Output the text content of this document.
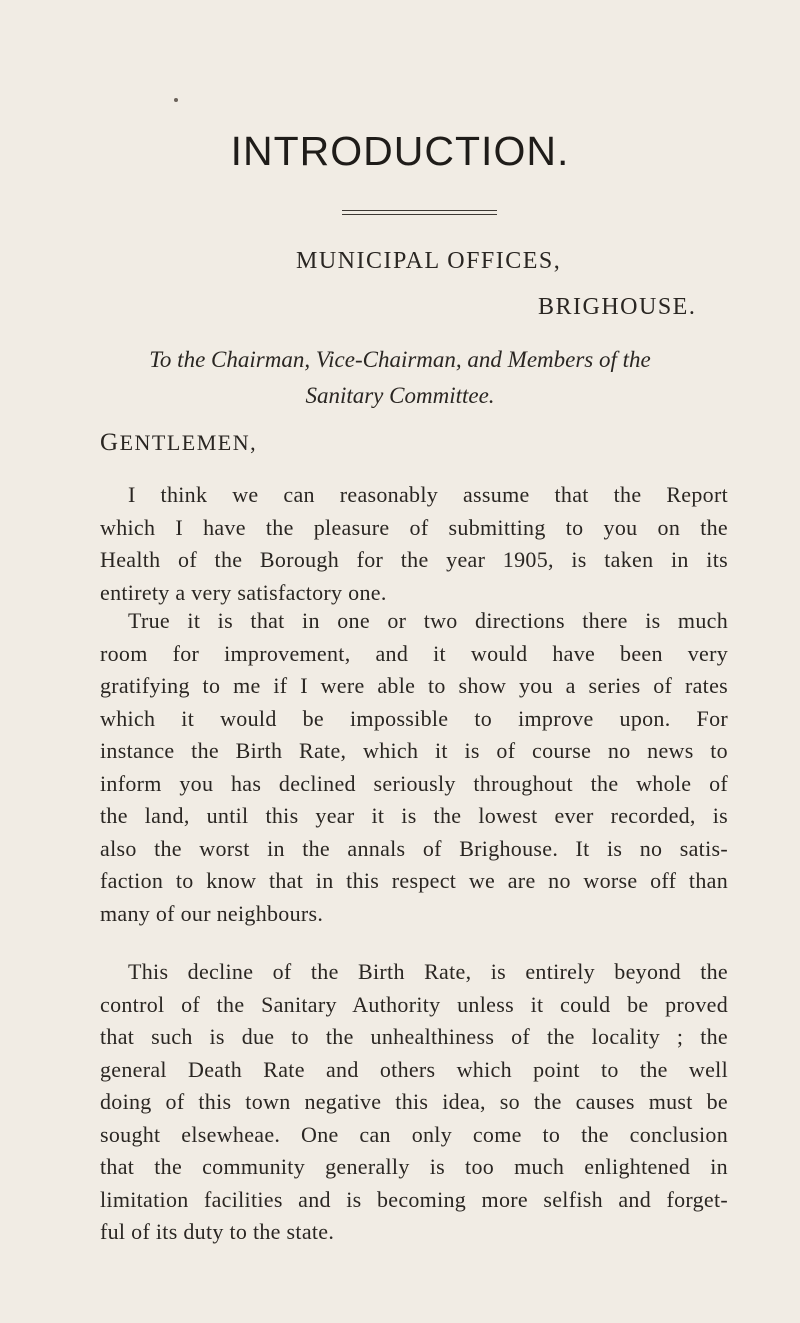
INTRODUCTION.
MUNICIPAL OFFICES,
BRIGHOUSE.
To the Chairman, Vice-Chairman, and Members of the
Sanitary Committee.
GENTLEMEN,
I think we can reasonably assume that the Report
which I have the pleasure of submitting to you on the
Health of the Borough for the year 1905, is taken in its
entirety a very satisfactory one.
True it is that in one or two directions there is much
room for improvement, and it would have been very
gratifying to me if I were able to show you a series of rates
which it would be impossible to improve upon. For
instance the Birth Rate, which it is of course no news to
inform you has declined seriously throughout the whole of
the land, until this year it is the lowest ever recorded, is
also the worst in the annals of Brighouse. It is no satis-
faction to know that in this respect we are no worse off than
many of our neighbours.
This decline of the Birth Rate, is entirely beyond the
control of the Sanitary Authority unless it could be proved
that such is due to the unhealthiness of the locality ; the
general Death Rate and others which point to the well
doing of this town negative this idea, so the causes must be
sought elsewheae. One can only come to the conclusion
that the community generally is too much enlightened in
limitation facilities and is becoming more selfish and forget-
ful of its duty to the state.
